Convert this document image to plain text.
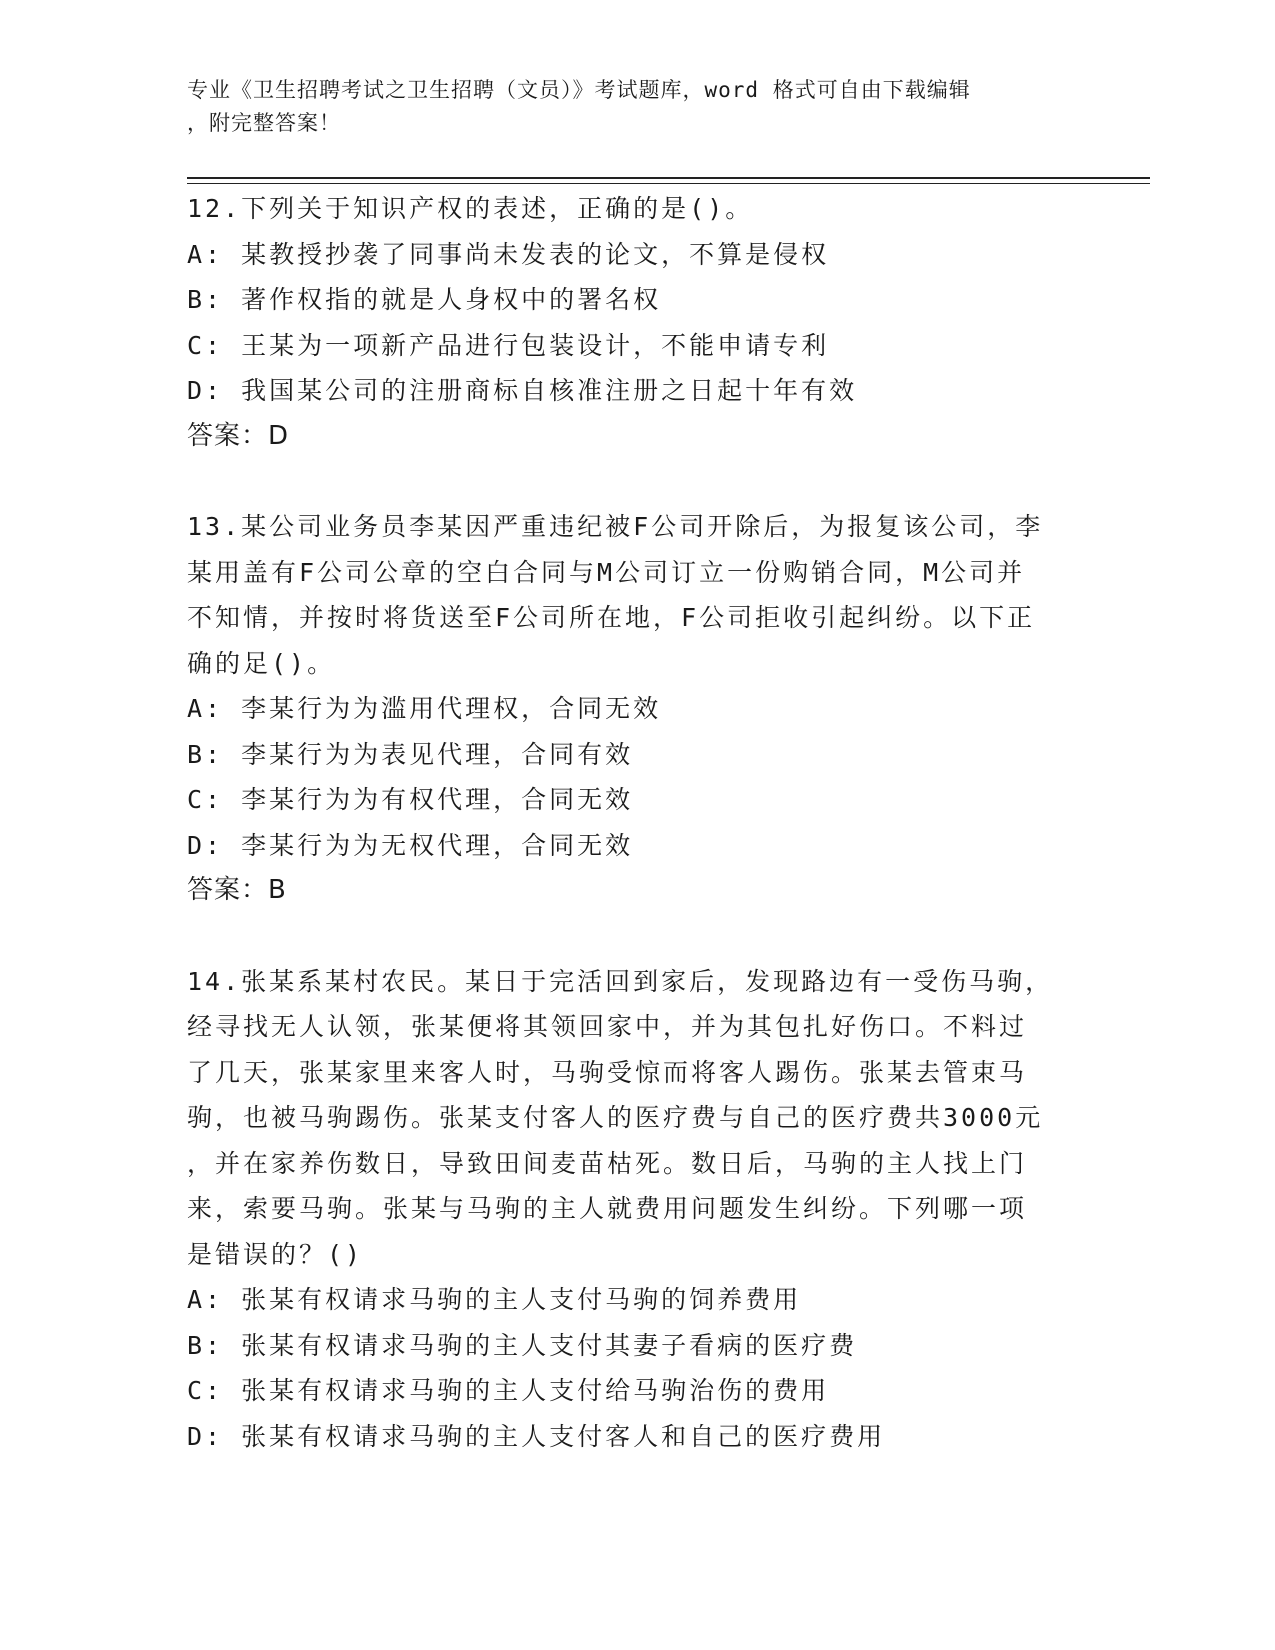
专业《卫生招聘考试之卫生招聘（文员）》考试题库，word 格式可自由下载编辑
，附完整答案！
12.下列关于知识产权的表述，正确的是()。
A: 某教授抄袭了同事尚未发表的论文，不算是侵权
B: 著作权指的就是人身权中的署名权
C: 王某为一项新产品进行包装设计，不能申请专利
D: 我国某公司的注册商标自核准注册之日起十年有效
答案：D
13.某公司业务员李某因严重违纪被F公司开除后，为报复该公司，李
某用盖有F公司公章的空白合同与M公司订立一份购销合同，M公司并
不知情，并按时将货送至F公司所在地，F公司拒收引起纠纷。以下正
确的足()。
A: 李某行为为滥用代理权，合同无效
B: 李某行为为表见代理，合同有效
C: 李某行为为有权代理，合同无效
D: 李某行为为无权代理，合同无效
答案：B
14.张某系某村农民。某日于完活回到家后，发现路边有一受伤马驹，
经寻找无人认领，张某便将其领回家中，并为其包扎好伤口。不料过
了几天，张某家里来客人时，马驹受惊而将客人踢伤。张某去管束马
驹，也被马驹踢伤。张某支付客人的医疗费与自己的医疗费共3000元
，并在家养伤数日，导致田间麦苗枯死。数日后，马驹的主人找上门
来，索要马驹。张某与马驹的主人就费用问题发生纠纷。下列哪一项
是错误的？()
A: 张某有权请求马驹的主人支付马驹的饲养费用
B: 张某有权请求马驹的主人支付其妻子看病的医疗费
C: 张某有权请求马驹的主人支付给马驹治伤的费用
D: 张某有权请求马驹的主人支付客人和自己的医疗费用
